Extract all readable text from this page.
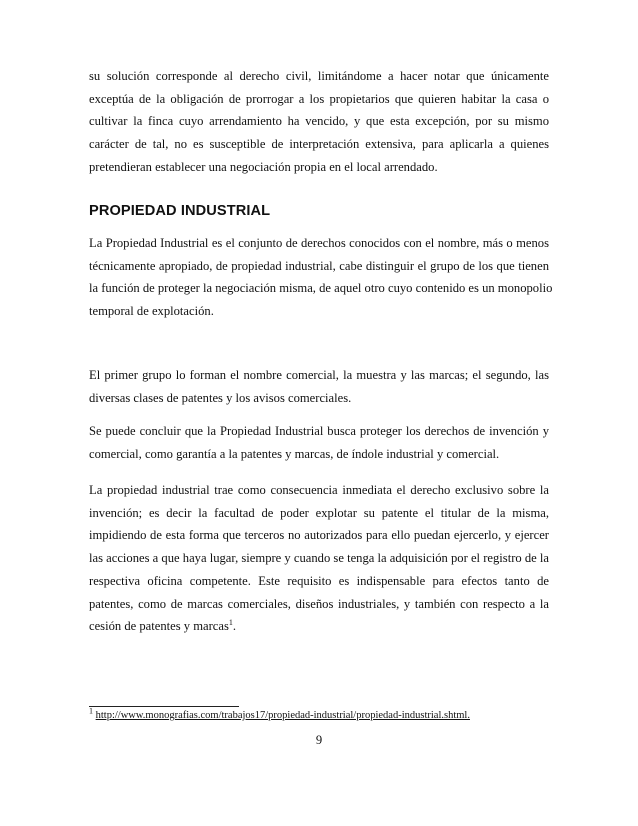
su solución corresponde al derecho civil, limitándome a hacer notar que únicamente
exceptúa de la obligación de prorrogar a los propietarios que quieren habitar la casa o
cultivar la finca cuyo arrendamiento ha vencido, y que esta excepción, por su mismo
carácter de tal, no es susceptible de interpretación extensiva, para aplicarla a quienes
pretendieran establecer una negociación propia en el local arrendado.
PROPIEDAD INDUSTRIAL
La Propiedad Industrial es el conjunto de derechos conocidos con el nombre, más o menos
técnicamente apropiado, de propiedad industrial, cabe distinguir el grupo de los que tienen
la función de proteger la negociación misma, de aquel otro cuyo contenido es un monopolio
temporal de explotación.
El primer grupo lo forman el nombre comercial, la muestra y las marcas; el segundo, las
diversas clases de patentes y los avisos comerciales.
Se puede concluir que la Propiedad Industrial busca proteger los derechos de invención y
comercial, como garantía a la patentes y marcas, de índole industrial y comercial.
La propiedad industrial trae como consecuencia inmediata el derecho exclusivo sobre la
invención; es decir la facultad de poder explotar su patente el titular de la misma,
impidiendo de esta forma que terceros no autorizados para ello puedan ejercerlo, y ejercer
las acciones a que haya lugar, siempre y cuando se tenga la adquisición por el registro de la
respectiva oficina competente. Este requisito es indispensable para efectos tanto de
patentes, como de marcas comerciales, diseños industriales, y también con respecto a la
cesión de patentes y marcas$^1$.
$^1$ http://www.monografias.com/trabajos17/propiedad-industrial/propiedad-industrial.shtml.
9
